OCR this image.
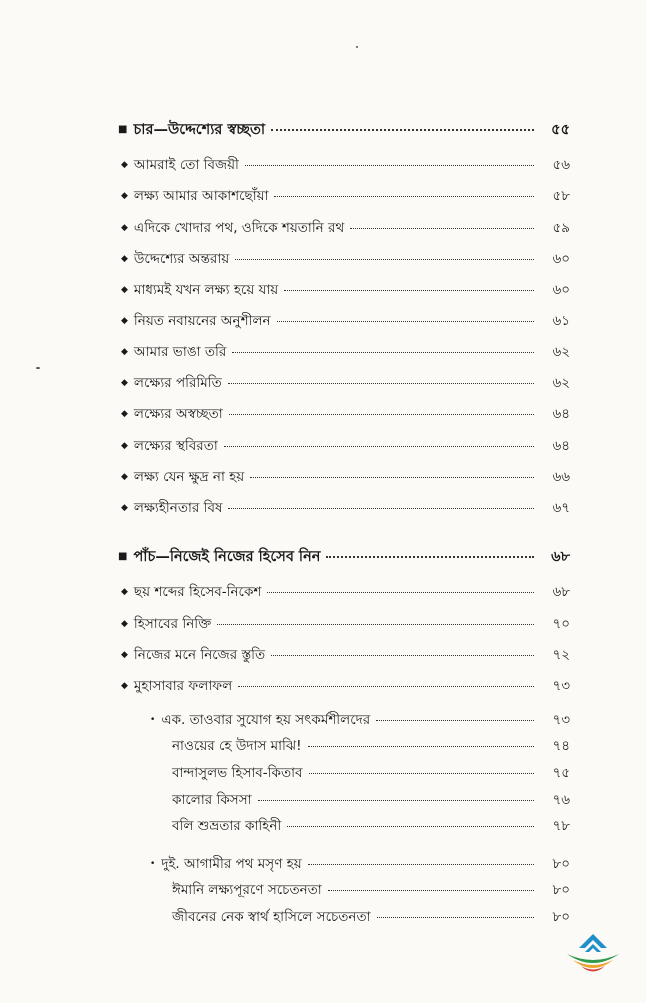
■ চার—উদ্দেশ্যের স্বচ্ছতা	৫৫
◆ আমরাই তো বিজয়ী	৫৬
◆ লক্ষ্য আমার আকাশছোঁয়া	৫৮
◆ এদিকে খোদার পথ, ওদিকে শয়তানি রথ	৫৯
◆ উদ্দেশ্যের অন্তরায়	৬০
◆ মাধ্যমই যখন লক্ষ্য হয়ে যায়	৬০
◆ নিয়ত নবায়নের অনুশীলন	৬১
◆ আমার ভাঙা তরি	৬২
◆ লক্ষ্যের পরিমিতি	৬২
◆ লক্ষ্যের অস্বচ্ছতা	৬৪
◆ লক্ষ্যের স্থবিরতা	৬৪
◆ লক্ষ্য যেন ক্ষুদ্র না হয়	৬৬
◆ লক্ষ্যহীনতার বিষ	৬৭
■ পাঁচ—নিজেই নিজের হিসেব নিন	৬৮
◆ ছয় শব্দের হিসেব-নিকেশ	৬৮
◆ হিসাবের নিক্তি	৭০
◆ নিজের মনে নিজের স্তুতি	৭২
◆ মুহাসাবার ফলাফল	৭৩
• এক. তাওবার সুযোগ হয় সৎকর্মশীলদের	৭৩
নাওয়ের হে উদাস মাঝি!	৭৪
বান্দাসুলভ হিসাব-কিতাব	৭৫
কালোর কিসসা	৭৬
বলি শুভ্রতার কাহিনী	৭৮
• দুই. আগামীর পথ মসৃণ হয়	৮০
ঈমানি লক্ষ্যপূরণে সচেতনতা	৮০
জীবনের নেক স্বার্থ হাসিলে সচেতনতা	৮০
